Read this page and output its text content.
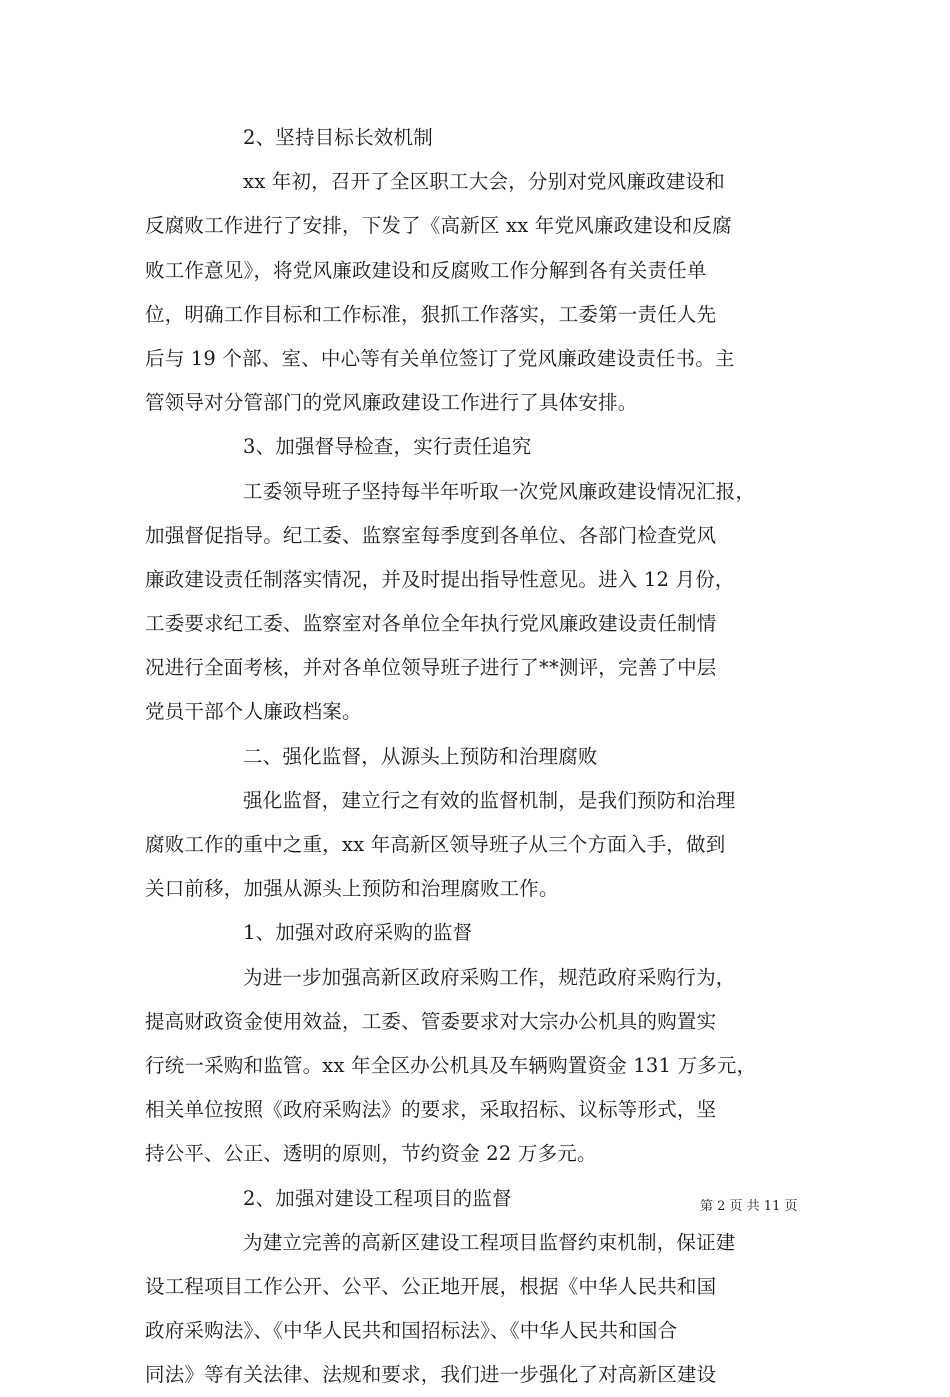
2、坚持目标长效机制
xx 年初，召开了全区职工大会，分别对党风廉政建设和
反腐败工作进行了安排，下发了《高新区 xx 年党风廉政建设和反腐
败工作意见》，将党风廉政建设和反腐败工作分解到各有关责任单
位，明确工作目标和工作标准，狠抓工作落实，工委第一责任人先
后与 19 个部、室、中心等有关单位签订了党风廉政建设责任书。主
管领导对分管部门的党风廉政建设工作进行了具体安排。
3、加强督导检查，实行责任追究
工委领导班子坚持每半年听取一次党风廉政建设情况汇报，
加强督促指导。纪工委、监察室每季度到各单位、各部门检查党风
廉政建设责任制落实情况，并及时提出指导性意见。进入 12 月份，
工委要求纪工委、监察室对各单位全年执行党风廉政建设责任制情
况进行全面考核，并对各单位领导班子进行了**测评，完善了中层
党员干部个人廉政档案。
二、强化监督，从源头上预防和治理腐败
强化监督，建立行之有效的监督机制，是我们预防和治理
腐败工作的重中之重，xx 年高新区领导班子从三个方面入手，做到
关口前移，加强从源头上预防和治理腐败工作。
1、加强对政府采购的监督
为进一步加强高新区政府采购工作，规范政府采购行为，
提高财政资金使用效益，工委、管委要求对大宗办公机具的购置实
行统一采购和监管。xx 年全区办公机具及车辆购置资金 131 万多元，
相关单位按照《政府采购法》的要求，采取招标、议标等形式，坚
持公平、公正、透明的原则，节约资金 22 万多元。
2、加强对建设工程项目的监督
为建立完善的高新区建设工程项目监督约束机制，保证建
设工程项目工作公开、公平、公正地开展，根据《中华人民共和国
政府采购法》、《中华人民共和国招标法》、《中华人民共和国合
同法》等有关法律、法规和要求，我们进一步强化了对高新区建设
第 2 页 共 11 页
